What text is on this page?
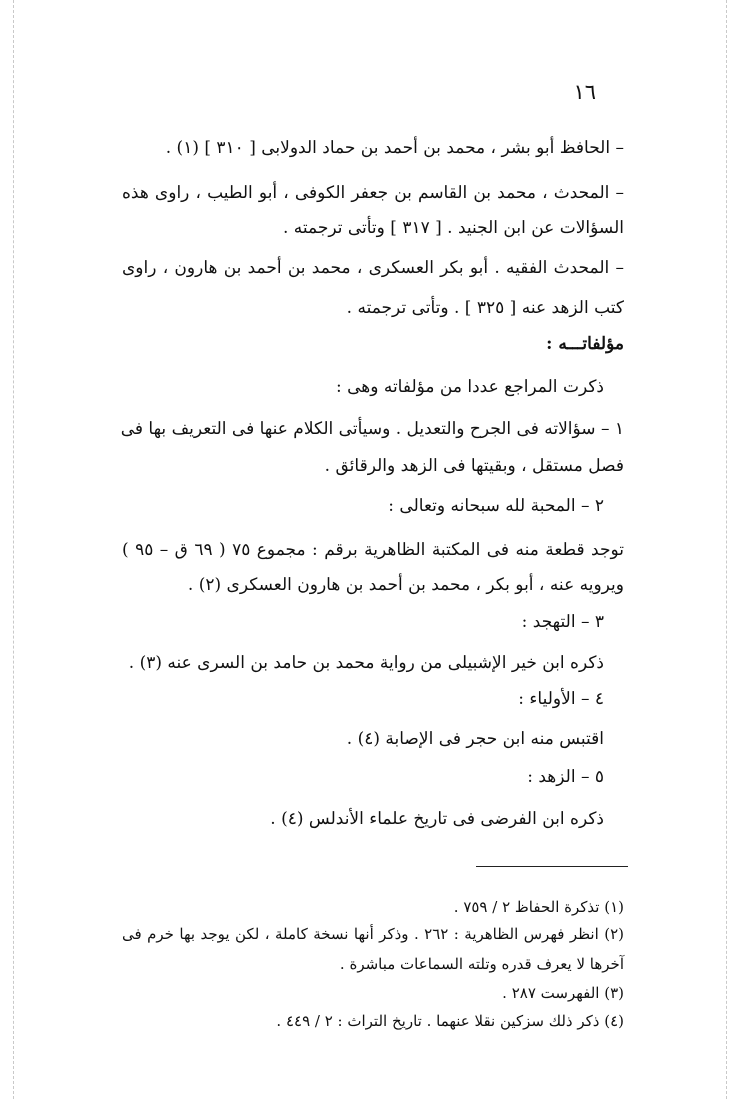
١٦
– الحافظ أبو بشر ، محمد بن أحمد بن حماد الدولابى [ ٣١٠ ] (١) .
– المحدث ، محمد بن القاسم بن جعفر الكوفى ، أبو الطيب ، راوى هذه
السؤالات عن ابن الجنيد . [ ٣١٧ ] وتأتى ترجمته .
– المحدث الفقيه . أبو بكر العسكرى ، محمد بن أحمد بن هارون ، راوى
كتب الزهد عنه [ ٣٢٥ ] . وتأتى ترجمته .
مؤلفاتـــه :
ذكرت المراجع عددا من مؤلفاته وهى :
١ – سؤالاته فى الجرح والتعديل . وسيأتى الكلام عنها فى التعريف بها فى
فصل مستقل ، وبقيتها فى الزهد والرقائق .
٢ – المحبة لله سبحانه وتعالى :
توجد قطعة منه فى المكتبة الظاهرية برقم : مجموع ٧٥ ( ٦٩ ق – ٩٥ )
ويرويه عنه ، أبو بكر ، محمد بن أحمد بن هارون العسكرى (٢) .
٣ – التهجد :
ذكره ابن خير الإشبيلى من رواية محمد بن حامد بن السرى عنه (٣) .
٤ – الأولياء :
اقتبس منه ابن حجر فى الإصابة (٤) .
٥ – الزهد :
ذكره ابن الفرضى فى تاريخ علماء الأندلس (٤) .
(١) تذكرة الحفاظ ٢ / ٧٥٩ .
(٢) انظر فهرس الظاهرية : ٢٦٢ . وذكر أنها نسخة كاملة ، لكن يوجد بها خرم فى
آخرها لا يعرف قدره وتلته السماعات مباشرة .
(٣) الفهرست ٢٨٧ .
(٤) ذكر ذلك سزكين نقلا عنهما . تاريخ التراث : ٢ / ٤٤٩ .
